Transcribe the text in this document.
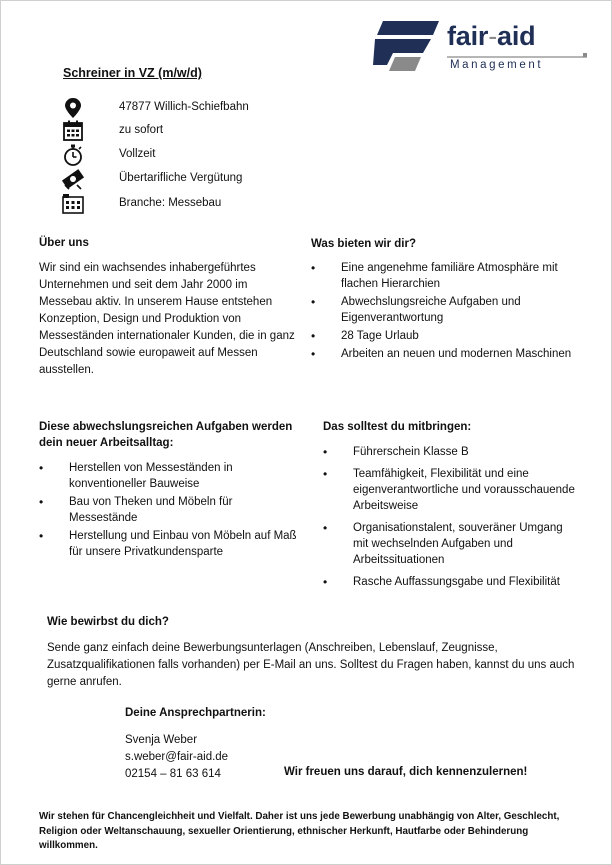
fair-aid
Management
Schreiner in VZ (m/w/d)
47877 Willich-Schiefbahn
zu sofort
Vollzeit
Übertarifliche Vergütung
Branche: Messebau
Über uns
Wir sind ein wachsendes inhabergeführtes Unternehmen und seit dem Jahr 2000 im Messebau aktiv. In unserem Hause entstehen Konzeption, Design und Produktion von Messeständen internationaler Kunden, die in ganz Deutschland sowie europaweit auf Messen ausstellen.
Was bieten wir dir?
• Eine angenehme familiäre Atmosphäre mit flachen Hierarchien
• Abwechslungsreiche Aufgaben und Eigenverantwortung
• 28 Tage Urlaub
• Arbeiten an neuen und modernen Maschinen
Diese abwechslungsreichen Aufgaben werden dein neuer Arbeitsalltag:
• Herstellen von Messeständen in konventioneller Bauweise
• Bau von Theken und Möbeln für Messestände
• Herstellung und Einbau von Möbeln auf Maß für unsere Privatkundensparte
Das solltest du mitbringen:
• Führerschein Klasse B
• Teamfähigkeit, Flexibilität und eine eigenverantwortliche und vorausschauende Arbeitsweise
• Organisationstalent, souveräner Umgang mit wechselnden Aufgaben und Arbeitssituationen
• Rasche Auffassungsgabe und Flexibilität
Wie bewirbst du dich?
Sende ganz einfach deine Bewerbungsunterlagen (Anschreiben, Lebenslauf, Zeugnisse, Zusatzqualifikationen falls vorhanden) per E-Mail an uns. Solltest du Fragen haben, kannst du uns auch gerne anrufen.
Deine Ansprechpartnerin:
Svenja Weber
s.weber@fair-aid.de
02154 – 81 63 614	Wir freuen uns darauf, dich kennenzulernen!
Wir stehen für Chancengleichheit und Vielfalt. Daher ist uns jede Bewerbung unabhängig von Alter, Geschlecht, Religion oder Weltanschauung, sexueller Orientierung, ethnischer Herkunft, Hautfarbe oder Behinderung willkommen.
